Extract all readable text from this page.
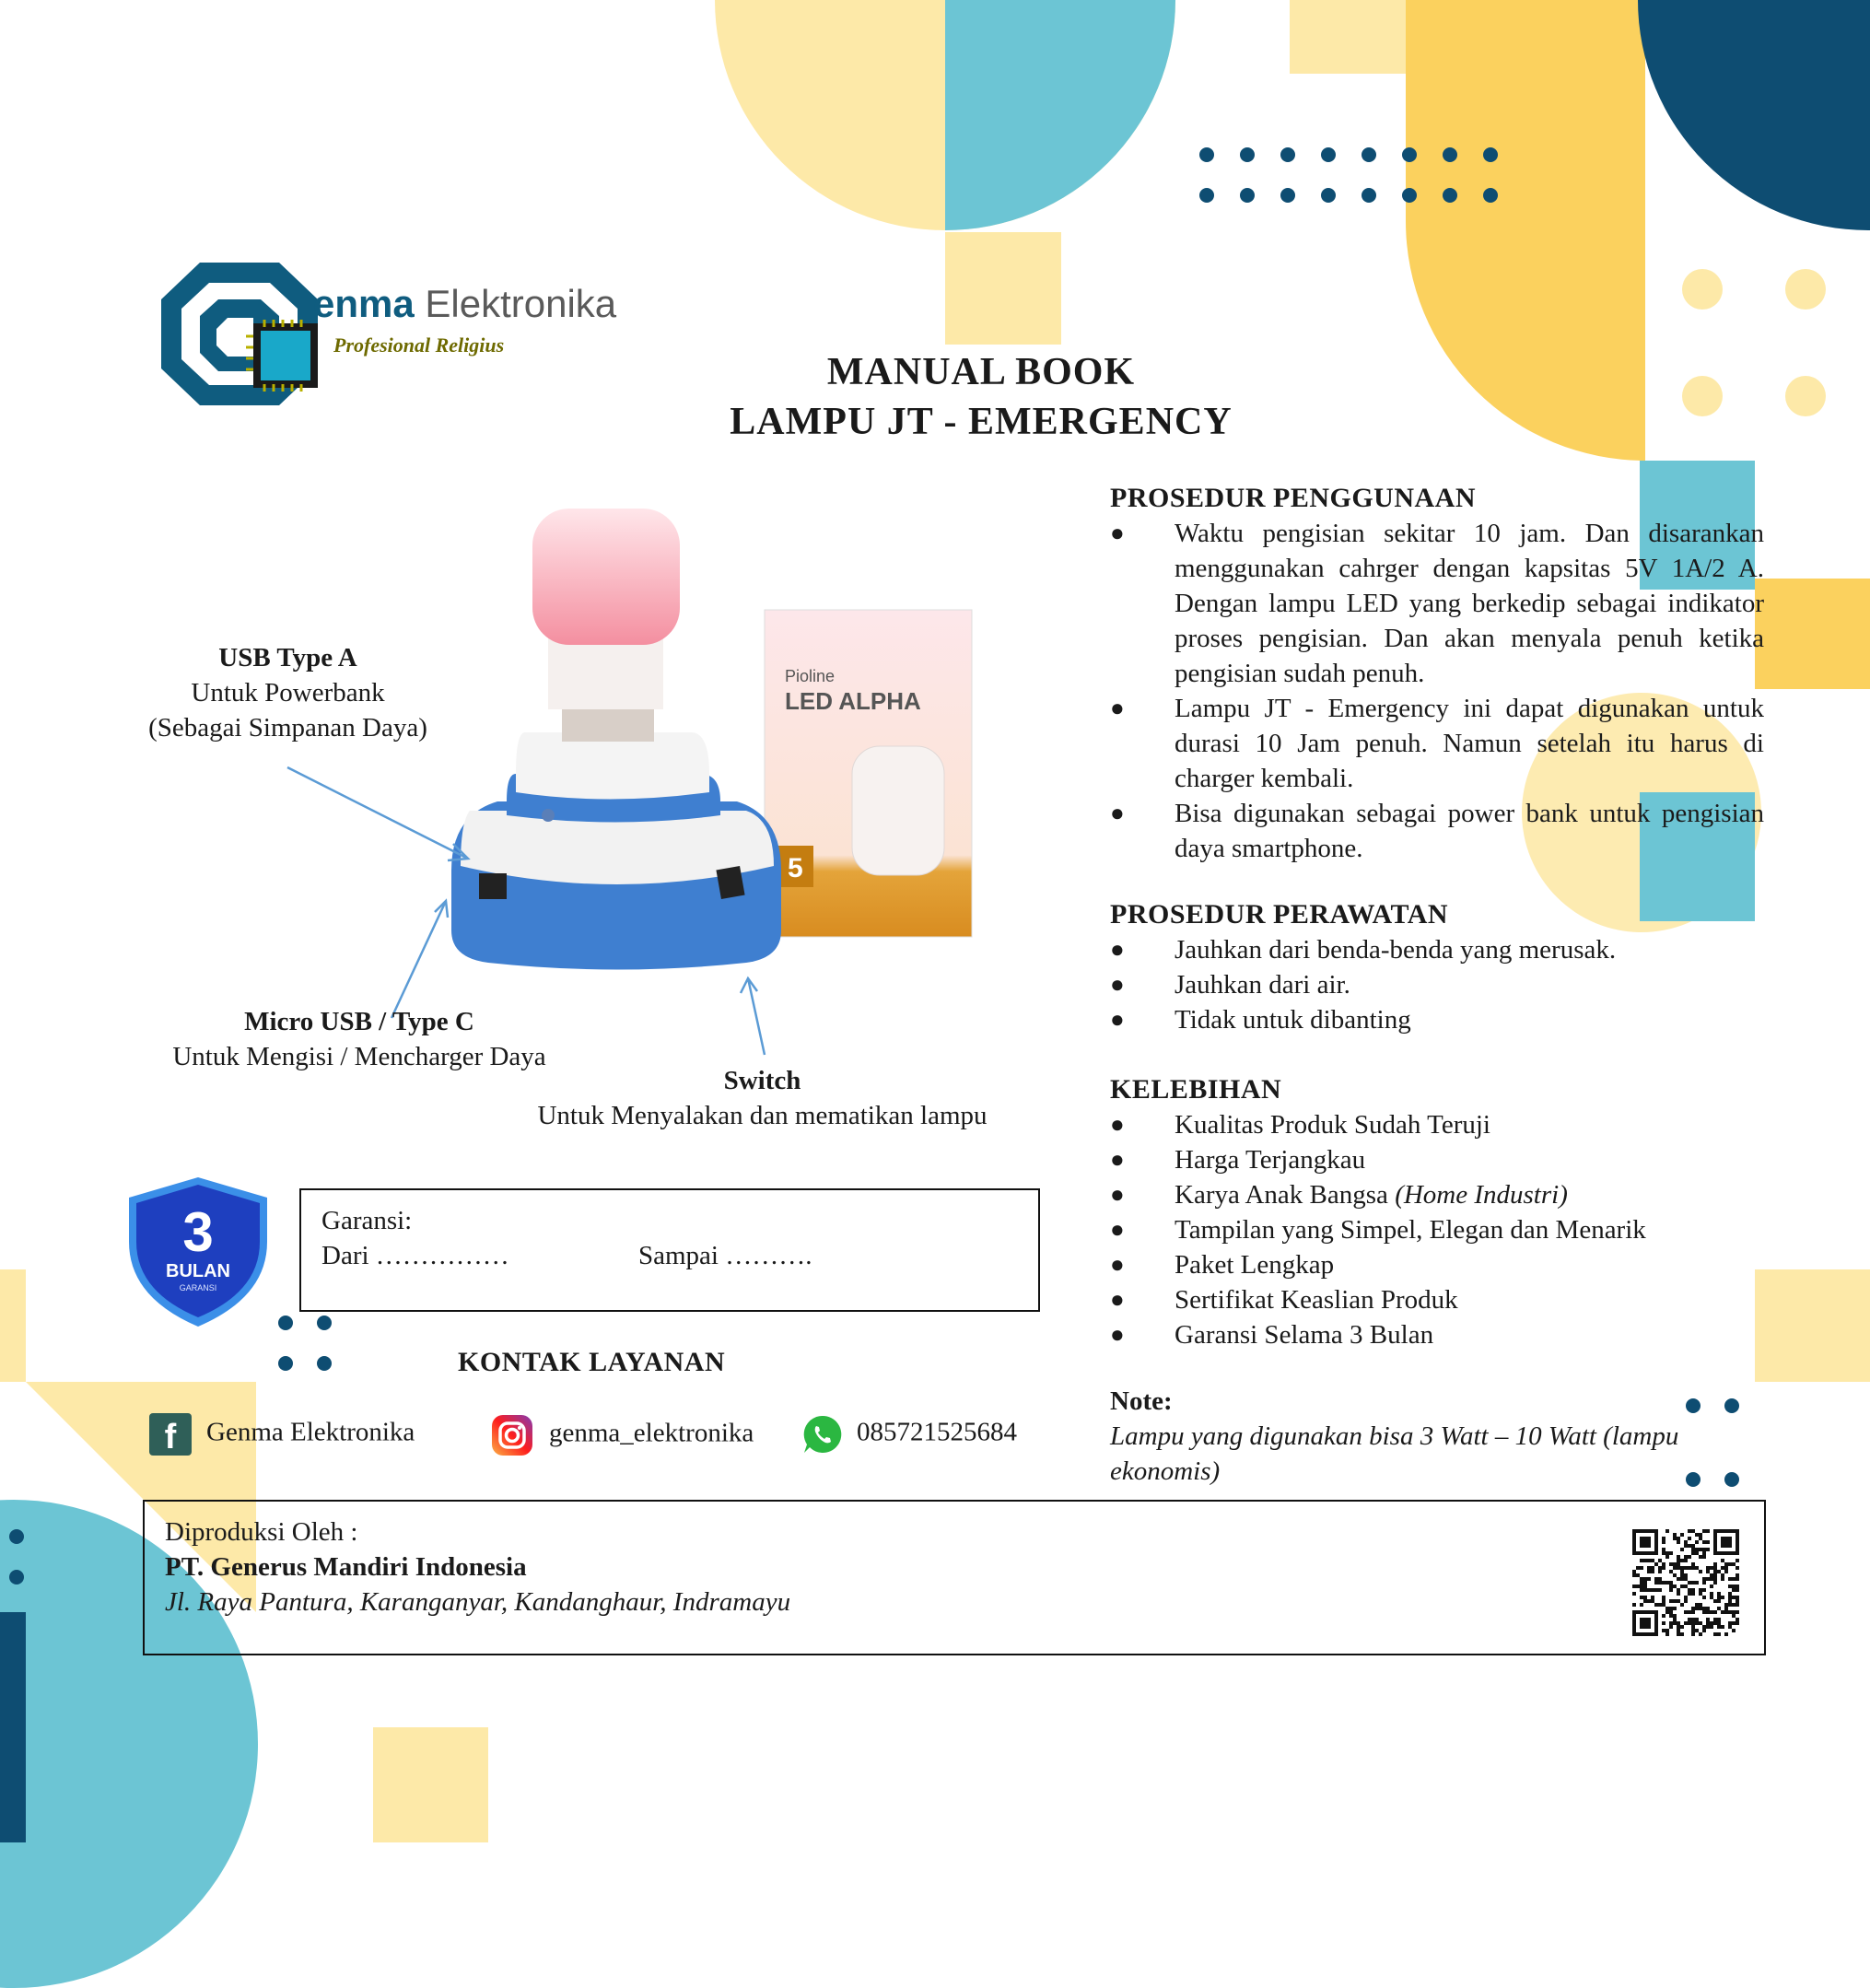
enma Elektronika
Profesional Religius
MANUAL BOOK
LAMPU JT - EMERGENCY
Pioline
LED ALPHA
5
USB Type A
Untuk Powerbank
(Sebagai Simpanan Daya)
Micro USB / Type C
Untuk Mengisi / Mencharger Daya
Switch
Untuk Menyalakan dan mematikan lampu
PROSEDUR PENGGUNAAN
● Waktu pengisian sekitar 10 jam. Dan disarankan menggunakan cahrger dengan kapsitas 5V 1A/2 A. Dengan lampu LED yang berkedip sebagai indikator proses pengisian. Dan akan menyala penuh ketika pengisian sudah penuh.
● Lampu JT - Emergency ini dapat digunakan untuk durasi 10 Jam penuh. Namun setelah itu harus di charger kembali.
● Bisa digunakan sebagai power bank untuk pengisian daya smartphone.
PROSEDUR PERAWATAN
● Jauhkan dari benda-benda yang merusak.
● Jauhkan dari air.
● Tidak untuk dibanting
KELEBIHAN
● Kualitas Produk Sudah Teruji
● Harga Terjangkau
● Karya Anak Bangsa (Home Industri)
● Tampilan yang Simpel, Elegan dan Menarik
● Paket Lengkap
● Sertifikat Keaslian Produk
● Garansi Selama 3 Bulan
Note:
Lampu yang digunakan bisa 3 Watt – 10 Watt (lampu ekonomis)
3
BULAN
GARANSI
Garansi:
Dari ……………	Sampai ……….
KONTAK LAYANAN
f Genma Elektronika	genma_elektronika	085721525684
Diproduksi Oleh :
PT. Generus Mandiri Indonesia
Jl. Raya Pantura, Karanganyar, Kandanghaur, Indramayu
